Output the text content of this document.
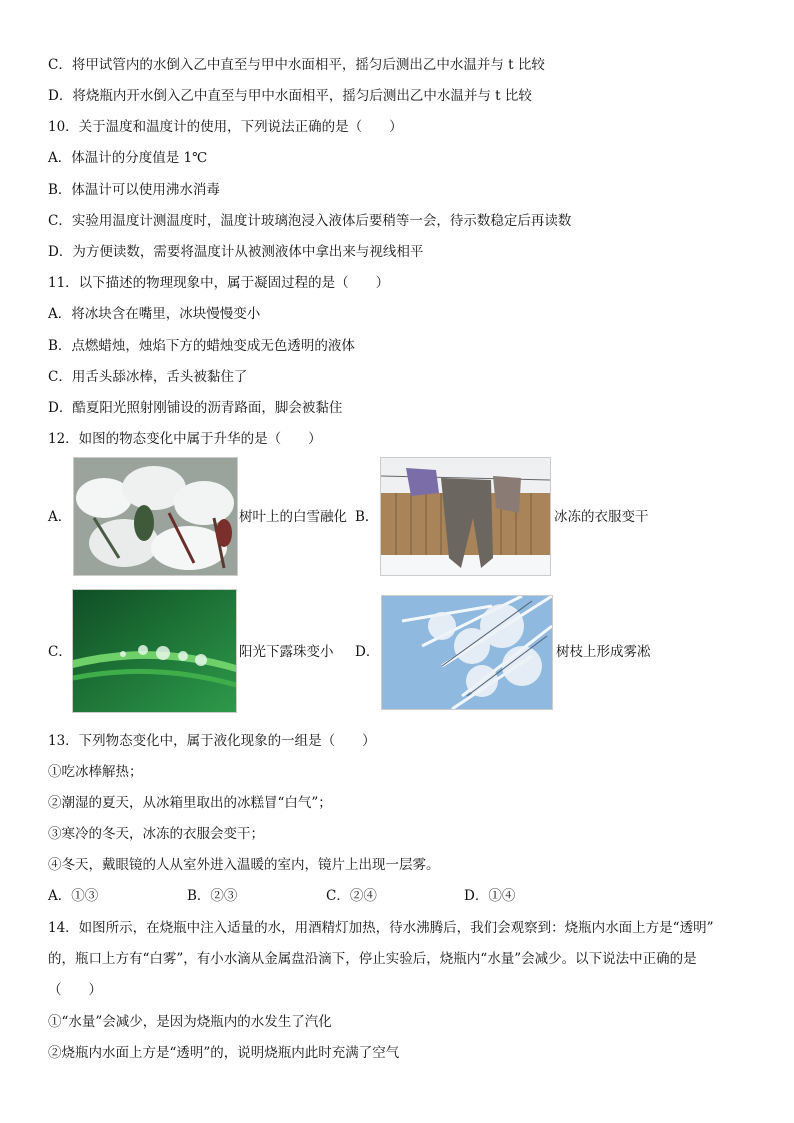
C．将甲试管内的水倒入乙中直至与甲中水面相平，摇匀后测出乙中水温并与 t 比较
D．将烧瓶内开水倒入乙中直至与甲中水面相平，摇匀后测出乙中水温并与 t 比较
10．关于温度和温度计的使用，下列说法正确的是（　　）
A．体温计的分度值是 1℃
B．体温计可以使用沸水消毒
C．实验用温度计测温度时，温度计玻璃泡浸入液体后要稍等一会，待示数稳定后再读数
D．为方便读数，需要将温度计从被测液体中拿出来与视线相平
11．以下描述的物理现象中，属于凝固过程的是（　　）
A．将冰块含在嘴里，冰块慢慢变小
B．点燃蜡烛，烛焰下方的蜡烛变成无色透明的液体
C．用舌头舔冰棒，舌头被黏住了
D．酷夏阳光照射刚铺设的沥青路面，脚会被黏住
12．如图的物态变化中属于升华的是（　　）
A．	树叶上的白雪融化 B．	冰冻的衣服变干
C．	阳光下露珠变小 D．	树枝上形成雾凇
13．下列物态变化中，属于液化现象的一组是（　　）
①吃冰棒解热；
②潮湿的夏天，从冰箱里取出的冰糕冒“白气”；
③寒冷的冬天，冰冻的衣服会变干；
④冬天，戴眼镜的人从室外进入温暖的室内，镜片上出现一层雾。
A．①③	B．②③	C．②④	D．①④
14．如图所示，在烧瓶中注入适量的水，用酒精灯加热，待水沸腾后，我们会观察到：烧瓶内水面上方是“透明”
的，瓶口上方有“白雾”，有小水滴从金属盘沿滴下，停止实验后，烧瓶内“水量”会减少。以下说法中正确的是
（　　）
①“水量”会减少，是因为烧瓶内的水发生了汽化
②烧瓶内水面上方是“透明”的，说明烧瓶内此时充满了空气
